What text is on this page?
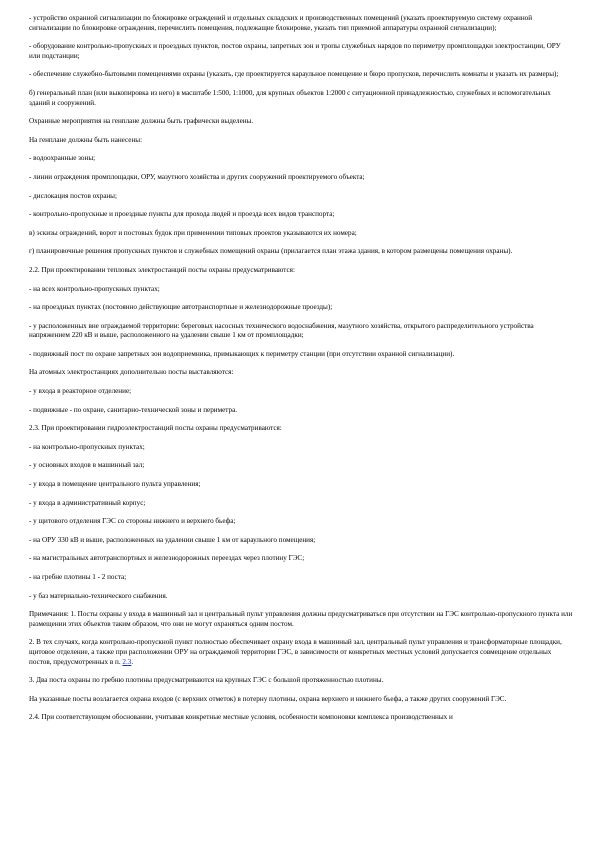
- устройство охранной сигнализации по блокировке ограждений и отдельных складских и производственных помещений (указать проектируемую систему охранной сигнализации по блокировке ограждения, перечислить помещения, подлежащие блокировке, указать тип приемной аппаратуры охранной сигнализации);

- оборудование контрольно-пропускных и проездных пунктов, постов охраны, запретных зон и тропы служебных нарядов по периметру промплощадки электростанции, ОРУ или подстанции;

- обеспечение служебно-бытовыми помещениями охраны (указать, где проектируется караульное помещение и бюро пропусков, перечислить комнаты и указать их размеры);

б) генеральный план (или выкопировка из него) в масштабе 1:500, 1:1000, для крупных объектов 1:2000 с ситуационной принадлежностью, служебных и вспомогательных зданий и сооружений.

Охранные мероприятия на генплане должны быть графически выделены.

На генплане должны быть нанесены:

- водоохранные зоны;

- линии ограждения промплощадки, ОРУ, мазутного хозяйства и других сооружений проектируемого объекта;

- дислокация постов охраны;

- контрольно-пропускные и проездные пункты для прохода людей и проезда всех видов транспорта;

в) эскизы ограждений, ворот и постовых будок при применении типовых проектов указываются их номера;

г) планировочные решения пропускных пунктов и служебных помещений охраны (прилагается план этажа здания, в котором размещены помещения охраны).

2.2. При проектировании тепловых электростанций посты охраны предусматриваются:

- на всех контрольно-пропускных пунктах;

- на проездных пунктах (постоянно действующие автотранспортные и железнодорожные проезды);

- у расположенных вне ограждаемой территории: береговых насосных технического водоснабжения, мазутного хозяйства, открытого распределительного устройства напряжением 220 кВ и выше, расположенного на удалении свыше 1 км от промплощадки;

- подвижный пост по охране запретных зон водоприемника, примыкающих к периметру станции (при отсутствии охранной сигнализации).

На атомных электростанциях дополнительно посты выставляются:

- у входа в реакторное отделение;

- подвижные - по охране, санитарно-технической зоны и периметра.

2.3. При проектировании гидроэлектростанций посты охраны предусматриваются:

- на контрольно-пропускных пунктах;

- у основных входов в машинный зал;

- у входа в помещение центрального пульта управления;

- у входа в административный корпус;

- у щитового отделения ГЭС со стороны нижнего и верхнего бьефа;

- на ОРУ 330 кВ и выше, расположенных на удалении свыше 1 км от караульного помещения;

- на магистральных автотранспортных и железнодорожных переездах через плотину ГЭС;

- на гребне плотины 1 - 2 поста;

- у баз материально-технического снабжения.

Примечания: 1. Посты охраны у входа в машинный зал и центральный пульт управления должны предусматриваться при отсутствии на ГЭС контрольно-пропускного пункта или размещении этих объектов таким образом, что они не могут охраняться одним постом.

2. В тех случаях, когда контрольно-пропускной пункт полностью обеспечивает охрану входа в машинный зал, центральный пульт управления и трансформаторные площадки, щитовое отделение, а также при расположении ОРУ на ограждаемой территории ГЭС, в зависимости от конкретных местных условий допускается совмещение отдельных постов, предусмотренных в п. 2.3.

3. Два поста охраны по гребню плотины предусматриваются на крупных ГЭС с большой протяженностью плотины.

На указанные посты возлагается охрана входов (с верхних отметок) в потерну плотины, охрана верхнего и нижнего бьефа, а также других сооружений ГЭС.

2.4. При соответствующем обосновании, учитывая конкретные местные условия, особенности компоновки комплекса производственных и
